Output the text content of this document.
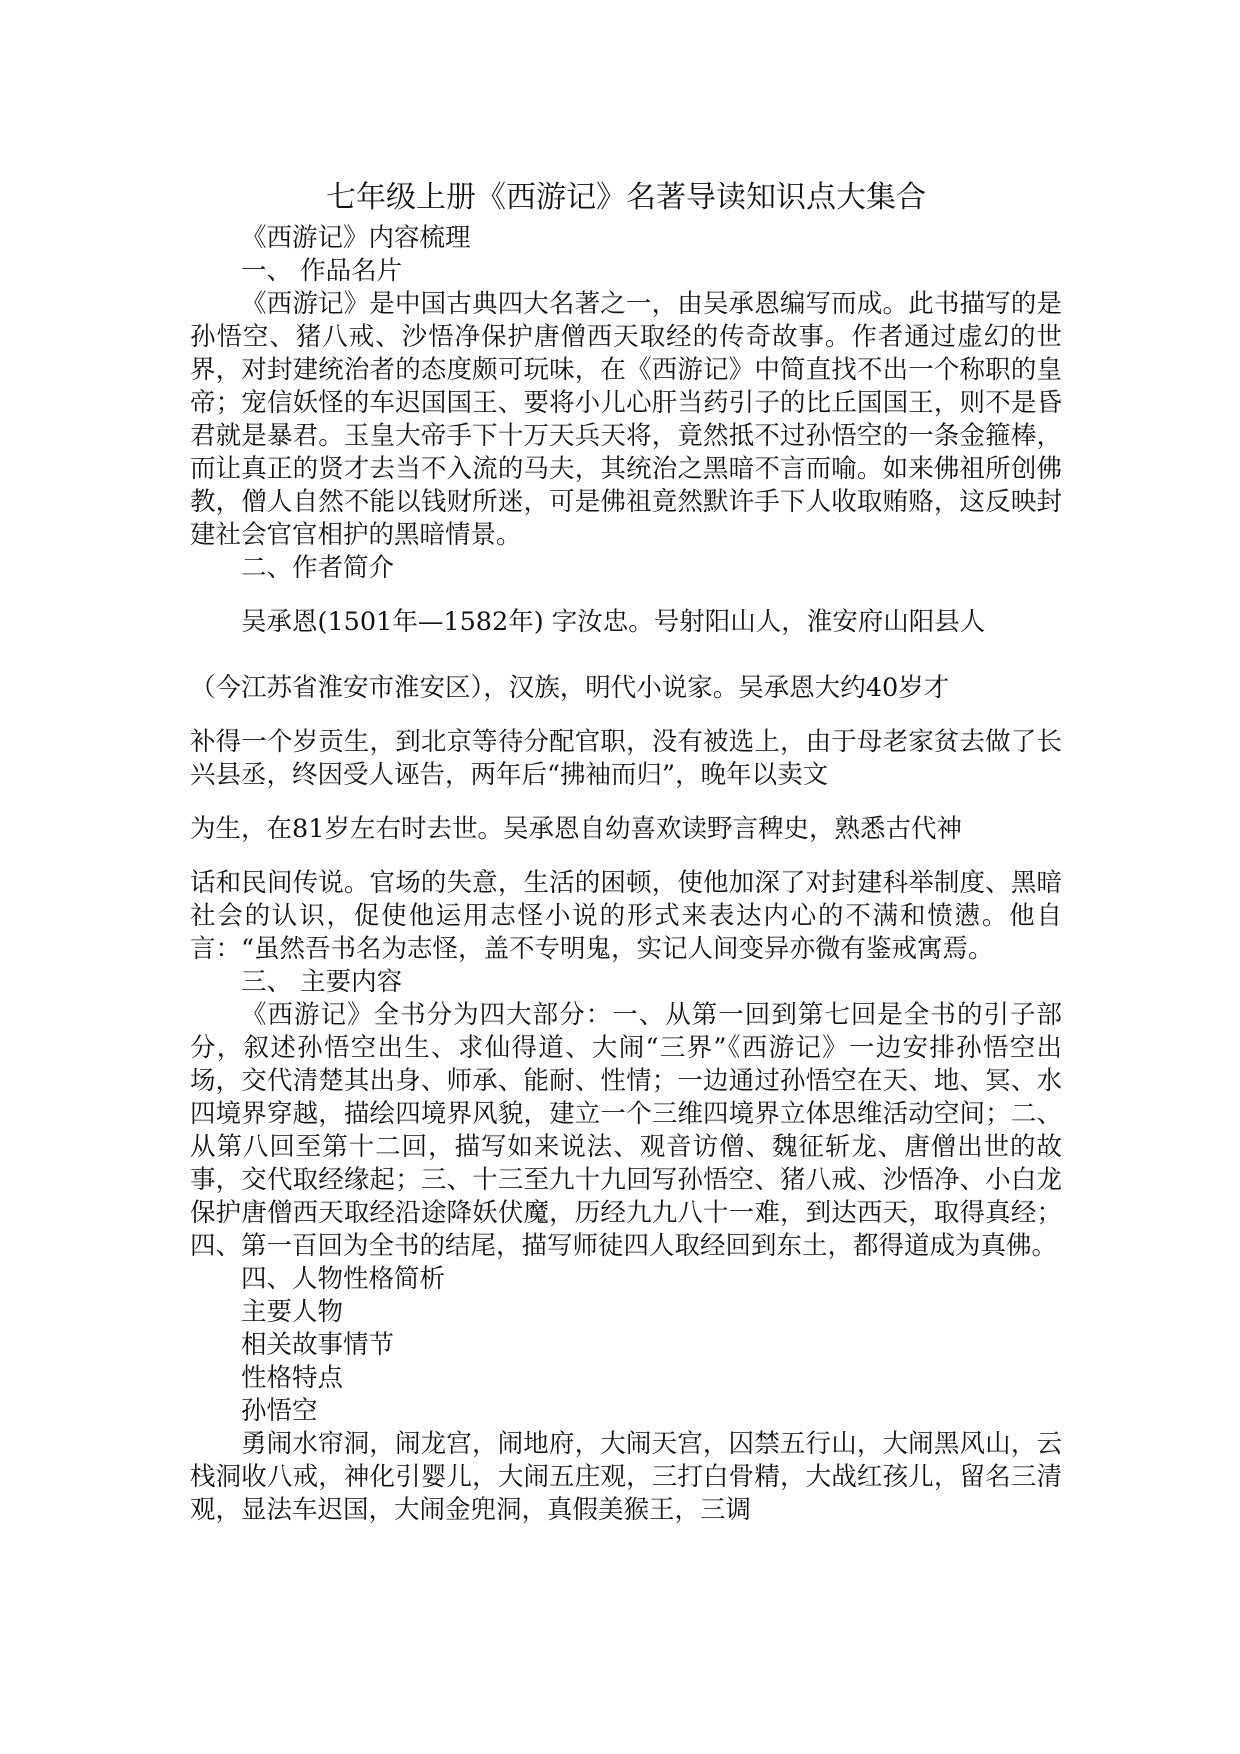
七年级上册《西游记》名著导读知识点大集合

《西游记》内容梳理

一、 作品名片

《西游记》是中国古典四大名著之一，由吴承恩编写而成。此书描写的是孙悟空、猪八戒、沙悟净保护唐僧西天取经的传奇故事。作者通过虚幻的世界，对封建统治者的态度颇可玩味，在《西游记》中简直找不出一个称职的皇帝；宠信妖怪的车迟国国王、要将小儿心肝当药引子的比丘国国王，则不是昏君就是暴君。玉皇大帝手下十万天兵天将，竟然抵不过孙悟空的一条金箍棒，而让真正的贤才去当不入流的马夫，其统治之黑暗不言而喻。如来佛祖所创佛教，僧人自然不能以钱财所迷，可是佛祖竟然默许手下人收取贿赂，这反映封建社会官官相护的黑暗情景。

二、作者简介

吴承恩(1501年—1582年) 字汝忠。号射阳山人，淮安府山阳县人

（今江苏省淮安市淮安区），汉族，明代小说家。吴承恩大约40岁才

补得一个岁贡生，到北京等待分配官职，没有被选上，由于母老家贫去做了长兴县丞，终因受人诬告，两年后“拂袖而归”，晚年以卖文

为生，在81岁左右时去世。吴承恩自幼喜欢读野言稗史，熟悉古代神

话和民间传说。官场的失意，生活的困顿，使他加深了对封建科举制度、黑暗社会的认识，促使他运用志怪小说的形式来表达内心的不满和愤懑。他自言：“虽然吾书名为志怪，盖不专明鬼，实记人间变异亦微有鉴戒寓焉。

三、 主要内容

《西游记》全书分为四大部分：一、从第一回到第七回是全书的引子部分，叙述孙悟空出生、求仙得道、大闹“三界”《西游记》一边安排孙悟空出场，交代清楚其出身、师承、能耐、性情；一边通过孙悟空在天、地、冥、水四境界穿越，描绘四境界风貌，建立一个三维四境界立体思维活动空间；二、从第八回至第十二回，描写如来说法、观音访僧、魏征斩龙、唐僧出世的故事，交代取经缘起；三、十三至九十九回写孙悟空、猪八戒、沙悟净、小白龙保护唐僧西天取经沿途降妖伏魔，历经九九八十一难，到达西天，取得真经；四、第一百回为全书的结尾，描写师徒四人取经回到东土，都得道成为真佛。

四、人物性格简析

主要人物

相关故事情节

性格特点

孙悟空

勇闹水帘洞，闹龙宫，闹地府，大闹天宫，囚禁五行山，大闹黑风山，云栈洞收八戒，神化引婴儿，大闹五庄观，三打白骨精，大战红孩儿，留名三清观，显法车迟国，大闹金兜洞，真假美猴王，三调
